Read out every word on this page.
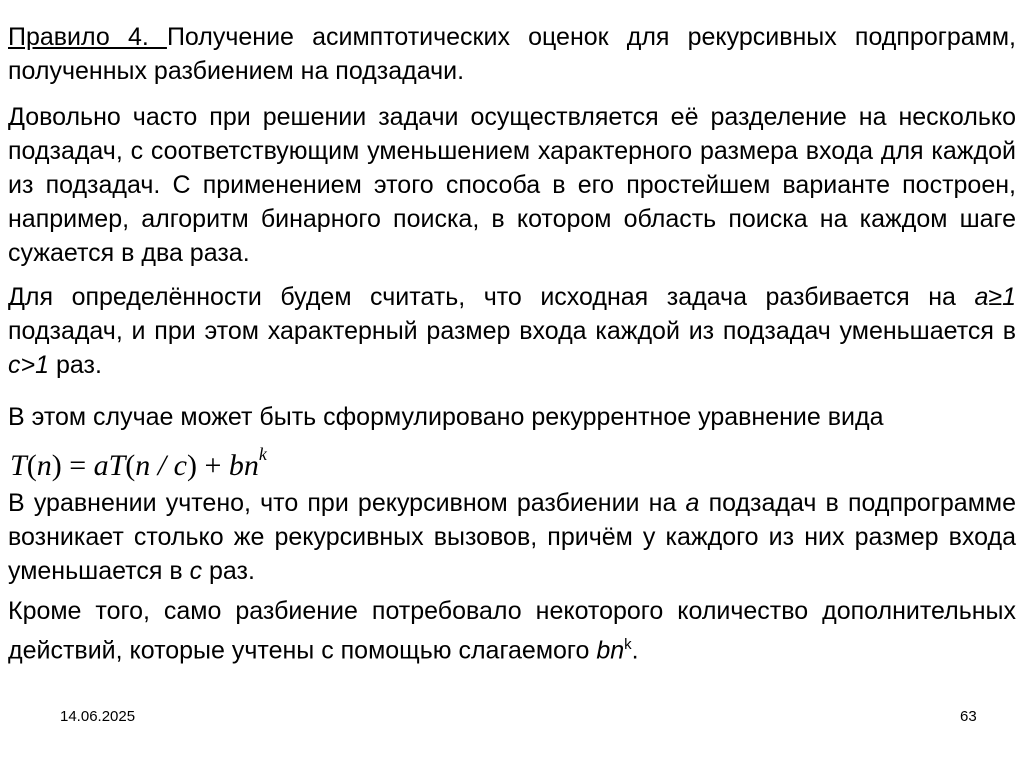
Правило 4. Получение асимптотических оценок для рекурсивных подпрограмм, полученных разбиением на подзадачи.

Довольно часто при решении задачи осуществляется её разделение на несколько подзадач, с соответствующим уменьшением характерного размера входа для каждой из подзадач. С применением этого способа в его простейшем варианте построен, например, алгоритм бинарного поиска, в котором область поиска на каждом шаге сужается в два раза.

Для определённости будем считать, что исходная задача разбивается на a≥1 подзадач, и при этом характерный размер входа каждой из подзадач уменьшается в c>1 раз.

В этом случае может быть сформулировано рекуррентное уравнение вида

$T(n) = aT(n / c) + bn^k$

В уравнении учтено, что при рекурсивном разбиении на a подзадач в подпрограмме возникает столько же рекурсивных вызовов, причём у каждого из них размер входа уменьшается в c раз.

Кроме того, само разбиение потребовало некоторого количество дополнительных действий, которые учтены с помощью слагаемого $bn^k$.

14.06.2025	63
